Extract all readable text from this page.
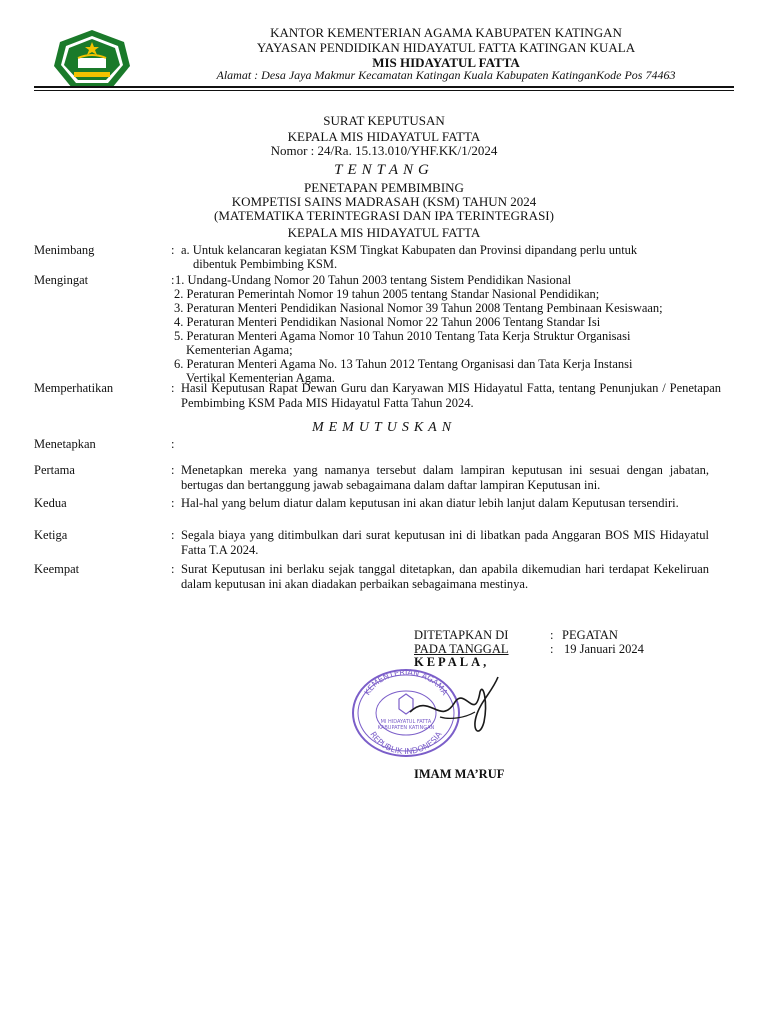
KANTOR KEMENTERIAN AGAMA KABUPATEN KATINGAN
YAYASAN PENDIDIKAN HIDAYATUL FATTA KATINGAN KUALA
MIS HIDAYATUL FATTA
Alamat : Desa Jaya Makmur Kecamatan Katingan Kuala Kabupaten KatinganKode Pos 74463
SURAT KEPUTUSAN
KEPALA MIS HIDAYATUL FATTA
Nomor : 24/Ra. 15.13.010/YHF.KK/1/2024
TENTANG
PENETAPAN PEMBIMBING
KOMPETISI SAINS MADRASAH (KSM) TAHUN 2024
(MATEMATIKA TERINTEGRASI DAN IPA TERINTEGRASI)
KEPALA MIS HIDAYATUL FATTA
Menimbang	: a. Untuk kelancaran kegiatan KSM Tingkat Kabupaten dan Provinsi dipandang perlu untuk
dibentuk Pembimbing KSM.
Mengingat	: 1. Undang-Undang Nomor 20 Tahun 2003 tentang Sistem Pendidikan Nasional
2. Peraturan Pemerintah Nomor 19 tahun 2005 tentang Standar Nasional Pendidikan;
3. Peraturan Menteri Pendidikan Nasional Nomor 39 Tahun 2008 Tentang Pembinaan Kesiswaan;
4. Peraturan Menteri Pendidikan Nasional Nomor 22 Tahun 2006 Tentang Standar Isi
5. Peraturan Menteri Agama Nomor 10 Tahun 2010 Tentang Tata Kerja Struktur Organisasi
Kementerian Agama;
6. Peraturan Menteri Agama No. 13 Tahun 2012 Tentang Organisasi dan Tata Kerja Instansi
Vertikal Kementerian Agama.
Memperhatikan	: Hasil Keputusan Rapat Dewan Guru dan Karyawan MIS Hidayatul Fatta, tentang Penunjukan / Penetapan Pembimbing KSM Pada MIS Hidayatul Fatta Tahun 2024.
MEMUTUSKAN
Menetapkan	:
Pertama	: Menetapkan mereka yang namanya tersebut dalam lampiran keputusan ini sesuai dengan jabatan, bertugas dan bertanggung jawab sebagaimana dalam daftar lampiran Keputusan ini.
Kedua	: Hal-hal yang belum diatur dalam keputusan ini akan diatur lebih lanjut dalam Keputusan tersendiri.
Ketiga	: Segala biaya yang ditimbulkan dari surat keputusan ini di libatkan pada Anggaran BOS MIS Hidayatul Fatta T.A 2024.
Keempat	: Surat Keputusan ini berlaku sejak tanggal ditetapkan, dan apabila dikemudian hari terdapat Kekeliruan dalam keputusan ini akan diadakan perbaikan sebagaimana mestinya.
DITETAPKAN DI	: PEGATAN
PADA TANGGAL	: 19 Januari 2024
KEPALA,
KEMENTERIAN AGAMA
REPUBLIK INDONESIA
MI HIDAYATUL FATTA
KABUPATEN KATINGAN
IMAM MA’RUF
